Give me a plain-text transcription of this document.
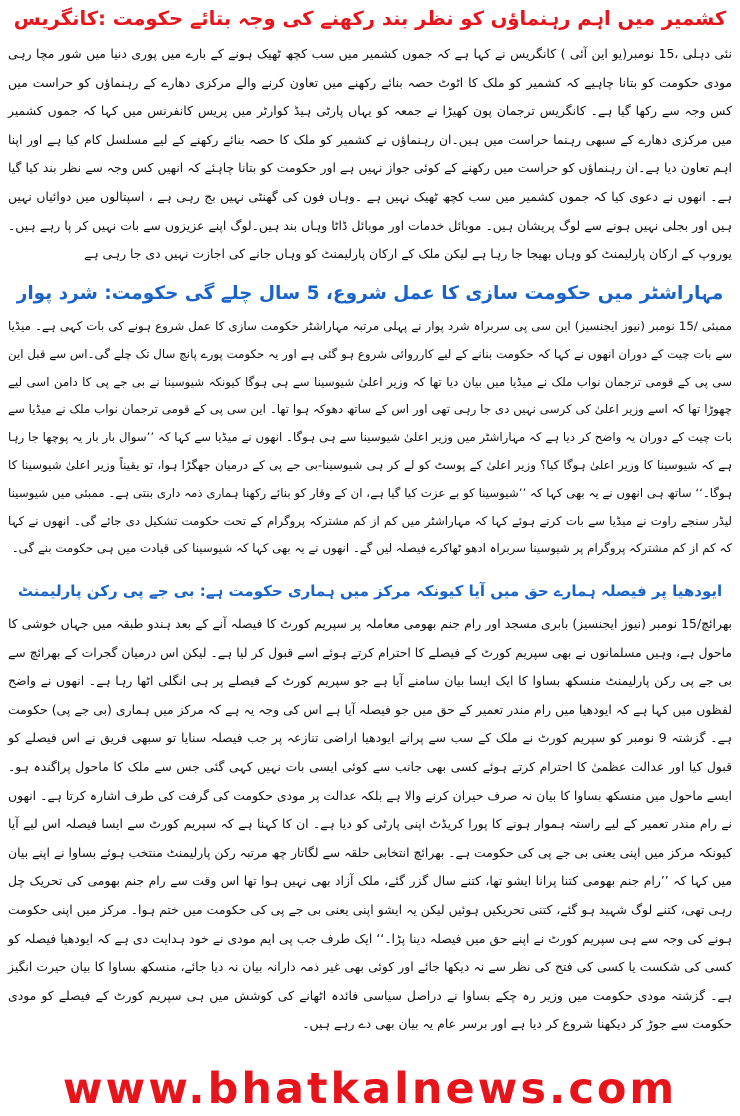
کشمیر میں اہم رہنماؤں کو نظر بند رکھنے کی وجہ بتائے حکومت :کانگریس

نئی دہلی ،15 نومبر(یو این آئی ) کانگریس نے کہا ہے کہ جموں کشمیر میں سب کچھ ٹھیک ہونے کے بارے میں پوری دنیا میں شور مچا رہی مودی حکومت کو بتانا چاہیے کہ کشمیر کو ملک کا اٹوٹ حصہ بنائے رکھنے میں تعاون کرنے والے مرکزی دھارے کے رہنماؤں کو حراست میں کس وجہ سے رکھا گیا ہے۔ کانگریس ترجمان پون کھیڑا نے جمعہ کو یہاں پارٹی ہیڈ کوارٹر میں پریس کانفرنس میں کہا کہ جموں کشمیر میں مرکزی دھارے کے سبھی رہنما حراست میں ہیں۔ان رہنماؤں نے کشمیر کو ملک کا حصہ بنائے رکھنے کے لیے مسلسل کام کیا ہے اور اپنا اہم تعاون دیا ہے۔ان رہنماؤں کو حراست میں رکھنے کے کوئی جواز نہیں ہے اور حکومت کو بتانا چاہئے کہ انھیں کس وجہ سے نظر بند کیا گیا ہے۔ انھوں نے دعوی کیا کہ جموں کشمیر میں سب کچھ ٹھیک نہیں ہے ۔وہاں فون کی گھنٹی نہیں بج رہی ہے ، اسپتالوں میں دوائیاں نہیں ہیں اور بجلی نہیں ہونے سے لوگ پریشان ہیں۔ موبائل خدمات اور موبائل ڈاٹا وہاں بند ہیں۔لوگ اپنے عزیزوں سے بات نہیں کر پا رہے ہیں۔ یوروپ کے ارکان پارلیمنٹ کو وہاں بھیجا جا رہا ہے لیکن ملک کے ارکان پارلیمنٹ کو وہاں جانے کی اجازت نہیں دی جا رہی ہے

مہاراشٹر میں حکومت سازی کا عمل شروع، 5 سال چلے گی حکومت: شرد پوار

ممبئی /15 نومبر (نیوز ایجنسیز) این سی پی سربراہ شرد پوار نے پہلی مرتبہ مہاراشٹر حکومت سازی کا عمل شروع ہونے کی بات کہی ہے۔ میڈیا سے بات چیت کے دوران انھوں نے کہا کہ حکومت بنانے کے لیے کارروائی شروع ہو گئی ہے اور یہ حکومت پورے پانچ سال تک چلے گی۔اس سے قبل این سی پی کے قومی ترجمان نواب ملک نے میڈیا میں بیان دیا تھا کہ وزیر اعلیٰ شیوسینا سے ہی ہوگا کیونکہ شیوسینا نے بی جے پی کا دامن اسی لیے چھوڑا تھا کہ اسے وزیر اعلیٰ کی کرسی نہیں دی جا رہی تھی اور اس کے ساتھ دھوکہ ہوا تھا۔ این سی پی کے قومی ترجمان نواب ملک نے میڈیا سے بات چیت کے دوران یہ واضح کر دیا ہے کہ مہاراشٹر میں وزیر اعلیٰ شیوسینا سے ہی ہوگا۔ انھوں نے میڈیا سے کہا کہ ’’سوال بار بار یہ پوچھا جا رہا ہے کہ شیوسینا کا وزیر اعلیٰ ہوگا کیا؟ وزیر اعلیٰ کے پوسٹ کو لے کر ہی شیوسینا-بی جے پی کے درمیان جھگڑا ہوا، تو یقیناً وزیر اعلیٰ شیوسینا کا ہوگا۔‘‘ ساتھ ہی انھوں نے یہ بھی کہا کہ ’’شیوسینا کو بے عزت کیا گیا ہے، ان کے وقار کو بنائے رکھنا ہماری ذمہ داری بنتی ہے۔ ممبئی میں شیوسینا لیڈر سنجے راوت نے میڈیا سے بات کرتے ہوئے کہا کہ مہاراشٹر میں کم از کم مشترکہ پروگرام کے تحت حکومت تشکیل دی جائے گی۔ انھوں نے کہا کہ کم از کم مشترکہ پروگرام پر شیوسینا سربراہ ادھو ٹھاکرے فیصلہ لیں گے۔ انھوں نے یہ بھی کہا کہ شیوسینا کی قیادت میں ہی حکومت بنے گی۔

ایودھیا پر فیصلہ ہمارے حق میں آیا کیونکہ مرکز میں ہماری حکومت ہے: بی جے پی رکن پارلیمنٹ

بھرائچ/15 نومبر (نیوز ایجنسیز) بابری مسجد اور رام جنم بھومی معاملہ پر سپریم کورٹ کا فیصلہ آنے کے بعد ہندو طبقہ میں جہاں خوشی کا ماحول ہے، وہیں مسلمانوں نے بھی سپریم کورٹ کے فیصلے کا احترام کرتے ہوئے اسے قبول کر لیا ہے۔ لیکن اس درمیان گجرات کے بھرائچ سے بی جے پی رکن پارلیمنٹ منسکھ بساوا کا ایک ایسا بیان سامنے آیا ہے جو سپریم کورٹ کے فیصلے پر ہی انگلی اٹھا رہا ہے۔ انھوں نے واضح لفظوں میں کہا ہے کہ ایودھیا میں رام مندر تعمیر کے حق میں جو فیصلہ آیا ہے اس کی وجہ یہ ہے کہ مرکز میں ہماری (بی جے پی) حکومت ہے۔ گزشتہ 9 نومبر کو سپریم کورٹ نے ملک کے سب سے پرانے ایودھیا اراضی تنازعہ پر جب فیصلہ سنایا تو سبھی فریق نے اس فیصلے کو قبول کیا اور عدالت عظمیٰ کا احترام کرتے ہوئے کسی بھی جانب سے کوئی ایسی بات نہیں کہی گئی جس سے ملک کا ماحول پراگندہ ہو۔ ایسے ماحول میں منسکھ بساوا کا بیان نہ صرف حیران کرنے والا ہے بلکہ عدالت پر مودی حکومت کی گرفت کی طرف اشارہ کرتا ہے۔ انھوں نے رام مندر تعمیر کے لیے راستہ ہموار ہونے کا پورا کریڈٹ اپنی پارٹی کو دیا ہے۔ ان کا کہنا ہے کہ سپریم کورٹ سے ایسا فیصلہ اس لیے آیا کیونکہ مرکز میں اپنی یعنی بی جے پی کی حکومت ہے۔ بھرائچ انتخابی حلقہ سے لگاتار چھ مرتبہ رکن پارلیمنٹ منتخب ہوئے بساوا نے اپنے بیان میں کہا کہ ’’رام جنم بھومی کتنا پرانا ایشو تھا، کتنے سال گزر گئے، ملک آزاد بھی نہیں ہوا تھا اس وقت سے رام جنم بھومی کی تحریک چل رہی تھی، کتنے لوگ شہید ہو گئے، کتنی تحریکیں ہوئیں لیکن یہ ایشو اپنی یعنی بی جے پی کی حکومت میں ختم ہوا۔ مرکز میں اپنی حکومت ہونے کی وجہ سے ہی سپریم کورٹ نے اپنے حق میں فیصلہ دینا پڑا۔‘‘ ایک طرف جب پی ایم مودی نے خود ہدایت دی ہے کہ ایودھیا فیصلہ کو کسی کی شکست یا کسی کی فتح کی نظر سے نہ دیکھا جائے اور کوئی بھی غیر ذمہ دارانہ بیان نہ دیا جائے، منسکھ بساوا کا بیان حیرت انگیز ہے۔ گزشتہ مودی حکومت میں وزیر رہ چکے بساوا نے دراصل سیاسی فائدہ اٹھانے کی کوشش میں ہی سپریم کورٹ کے فیصلے کو مودی حکومت سے جوڑ کر دیکھنا شروع کر دیا ہے اور برسر عام یہ بیان بھی دے رہے ہیں۔

www.bhatkalnews.com
